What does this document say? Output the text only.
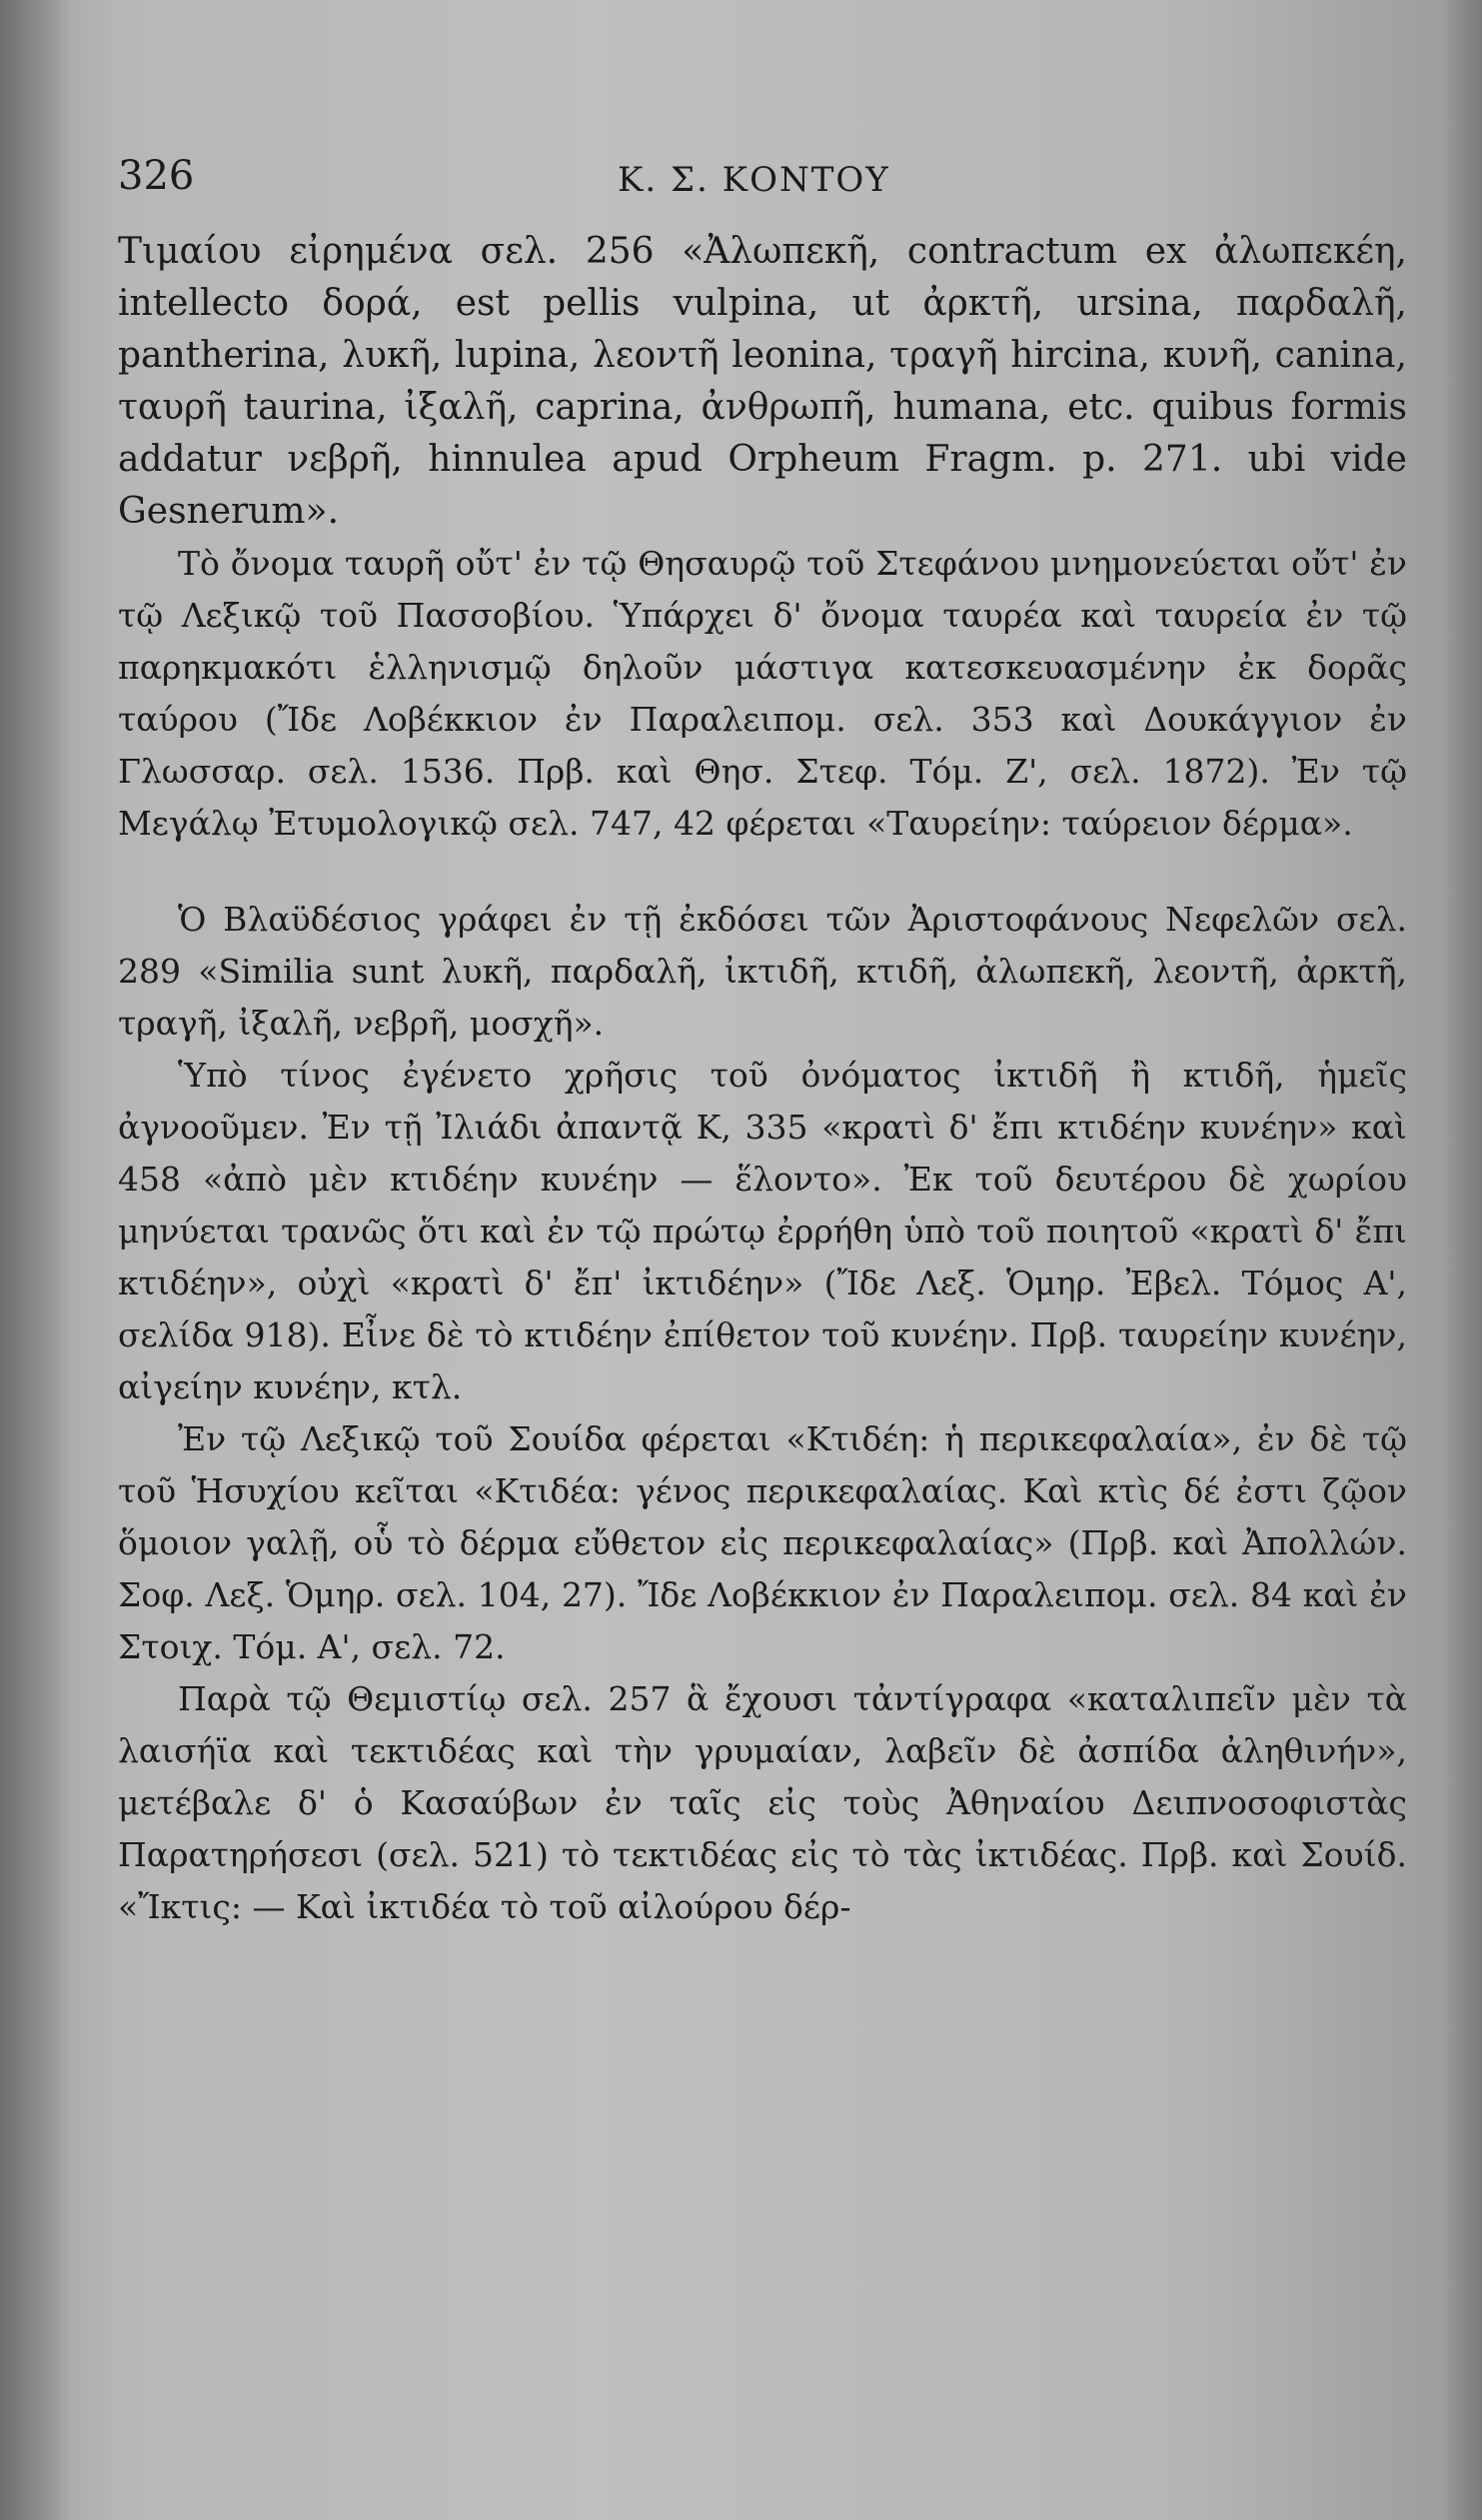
326	Κ. Σ. ΚΟΝΤΟΥ

Τιμαίου εἰρημένα σελ. 256 «Ἀλωπεκῆ, contractum ex ἀλωπεκέη, intellecto δορά, est pellis vulpina, ut ἀρκτῆ, ursina, παρδαλῆ, pantherina, λυκῆ, lupina, λεοντῆ leonina, τραγῆ hircina, κυνῆ, canina, ταυρῆ taurina, ἰξαλῆ, caprina, ἀνθρωπῆ, humana, etc. quibus formis addatur νεβρῆ, hinnulea apud Orpheum Fragm. p. 271. ubi vide Gesnerum».

Τὸ ὄνομα ταυρῆ οὔτ' ἐν τῷ Θησαυρῷ τοῦ Στεφάνου μνημονεύεται οὔτ' ἐν τῷ Λεξικῷ τοῦ Πασσοβίου. Ὑπάρχει δ' ὄνομα ταυρέα καὶ ταυρεία ἐν τῷ παρηκμακότι ἑλληνισμῷ δηλοῦν μάστιγα κατεσκευασμένην ἐκ δορᾶς ταύρου (Ἴδε Λοβέκκιον ἐν Παραλειπομ. σελ. 353 καὶ Δουκάγγιον ἐν Γλωσσαρ. σελ. 1536. Πρβ. καὶ Θησ. Στεφ. Τόμ. Ζ', σελ. 1872). Ἐν τῷ Μεγάλῳ Ἐτυμολογικῷ σελ. 747, 42 φέρεται «Ταυρείην: ταύρειον δέρμα».

Ὁ Βλαϋδέσιος γράφει ἐν τῇ ἐκδόσει τῶν Ἀριστοφάνους Νεφελῶν σελ. 289 «Similia sunt λυκῆ, παρδαλῆ, ἰκτιδῆ, κτιδῆ, ἀλωπεκῆ, λεοντῆ, ἀρκτῆ, τραγῆ, ἰξαλῆ, νεβρῆ, μοσχῆ».

Ὑπὸ τίνος ἐγένετο χρῆσις τοῦ ὀνόματος ἰκτιδῆ ἢ κτιδῆ, ἡμεῖς ἀγνοοῦμεν. Ἐν τῇ Ἰλιάδι ἀπαντᾷ Κ, 335 «κρατὶ δ' ἔπι κτιδέην κυνέην» καὶ 458 «ἀπὸ μὲν κτιδέην κυνέην — ἕλοντο». Ἐκ τοῦ δευτέρου δὲ χωρίου μηνύεται τρανῶς ὅτι καὶ ἐν τῷ πρώτῳ ἐρρήθη ὑπὸ τοῦ ποιητοῦ «κρατὶ δ' ἔπι κτιδέην», οὐχὶ «κρατὶ δ' ἔπ' ἰκτιδέην» (Ἴδε Λεξ. Ὁμηρ. Ἐβελ. Τόμος Α', σελίδα 918). Εἶνε δὲ τὸ κτιδέην ἐπίθετον τοῦ κυνέην. Πρβ. ταυρείην κυνέην, αἰγείην κυνέην, κτλ.

Ἐν τῷ Λεξικῷ τοῦ Σουίδα φέρεται «Κτιδέη: ἡ περικεφαλαία», ἐν δὲ τῷ τοῦ Ἡσυχίου κεῖται «Κτιδέα: γένος περικεφαλαίας. Καὶ κτὶς δέ ἐστι ζῷον ὅμοιον γαλῇ, οὗ τὸ δέρμα εὔθετον εἰς περικεφαλαίας» (Πρβ. καὶ Ἀπολλών. Σοφ. Λεξ. Ὁμηρ. σελ. 104, 27). Ἴδε Λοβέκκιον ἐν Παραλειπομ. σελ. 84 καὶ ἐν Στοιχ. Τόμ. Α', σελ. 72.

Παρὰ τῷ Θεμιστίῳ σελ. 257 ἃ ἔχουσι τἀντίγραφα «καταλιπεῖν μὲν τὰ λαισήϊα καὶ τεκτιδέας καὶ τὴν γρυμαίαν, λαβεῖν δὲ ἀσπίδα ἀληθινήν», μετέβαλε δ' ὁ Κασαύβων ἐν ταῖς εἰς τοὺς Ἀθηναίου Δειπνοσοφιστὰς Παρατηρήσεσι (σελ. 521) τὸ τεκτιδέας εἰς τὸ τὰς ἰκτιδέας. Πρβ. καὶ Σουίδ. «Ἴκτις: — Καὶ ἰκτιδέα τὸ τοῦ αἰλούρου δέρ-
